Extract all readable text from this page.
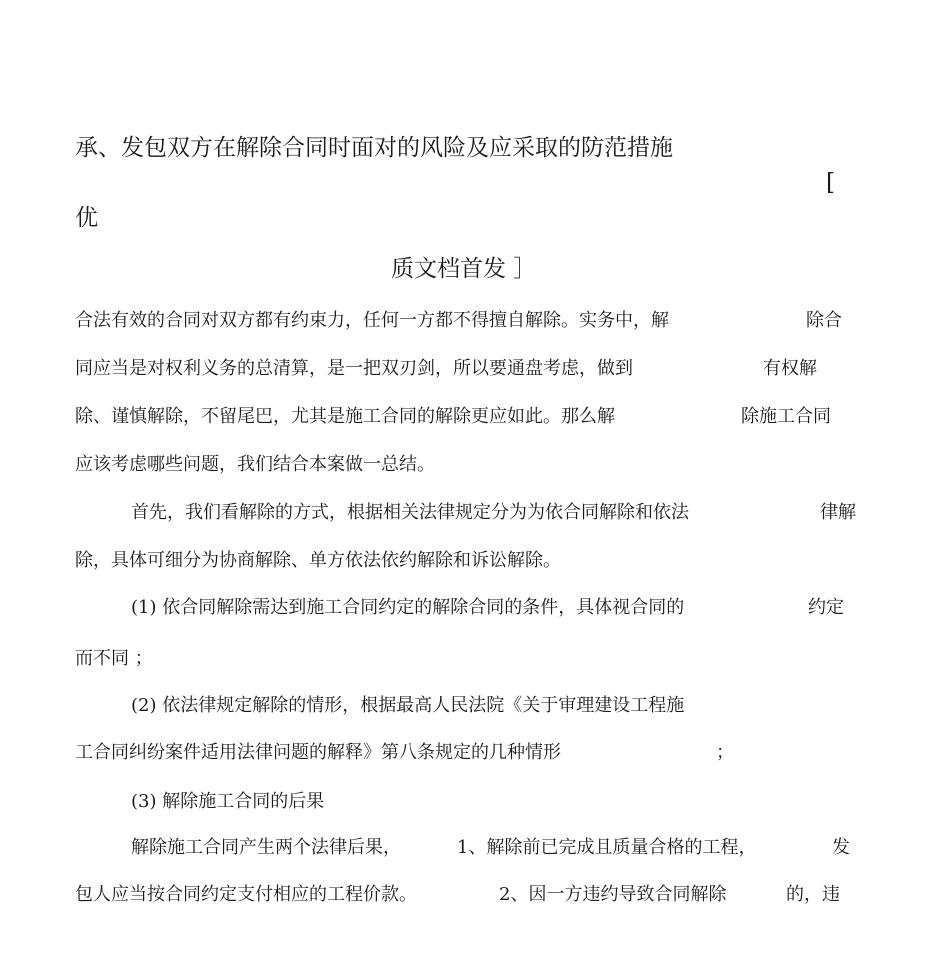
承、发包双方在解除合同时面对的风险及应采取的防范措施
[
优
质文档首发 ］
合法有效的合同对双方都有约束力，任何一方都不得擅自解除。实务中，解	除合
同应当是对权利义务的总清算，是一把双刃剑，所以要通盘考虑，做到	有权解
除、谨慎解除，不留尾巴，尤其是施工合同的解除更应如此。那么解	除施工合同
应该考虑哪些问题，我们结合本案做一总结。
首先，我们看解除的方式，根据相关法律规定分为为依合同解除和依法	律解
除，具体可细分为协商解除、单方依法依约解除和诉讼解除。
(1) 依合同解除需达到施工合同约定的解除合同的条件，具体视合同的	约定
而不同 ；
(2) 依法律规定解除的情形，根据最高人民法院《关于审理建设工程施
工合同纠纷案件适用法律问题的解释》第八条规定的几种情形	；
(3) 解除施工合同的后果
解除施工合同产生两个法律后果，	1、解除前已完成且质量合格的工程，	发
包人应当按合同约定支付相应的工程价款。	2、因一方违约导致合同解除	的，违
